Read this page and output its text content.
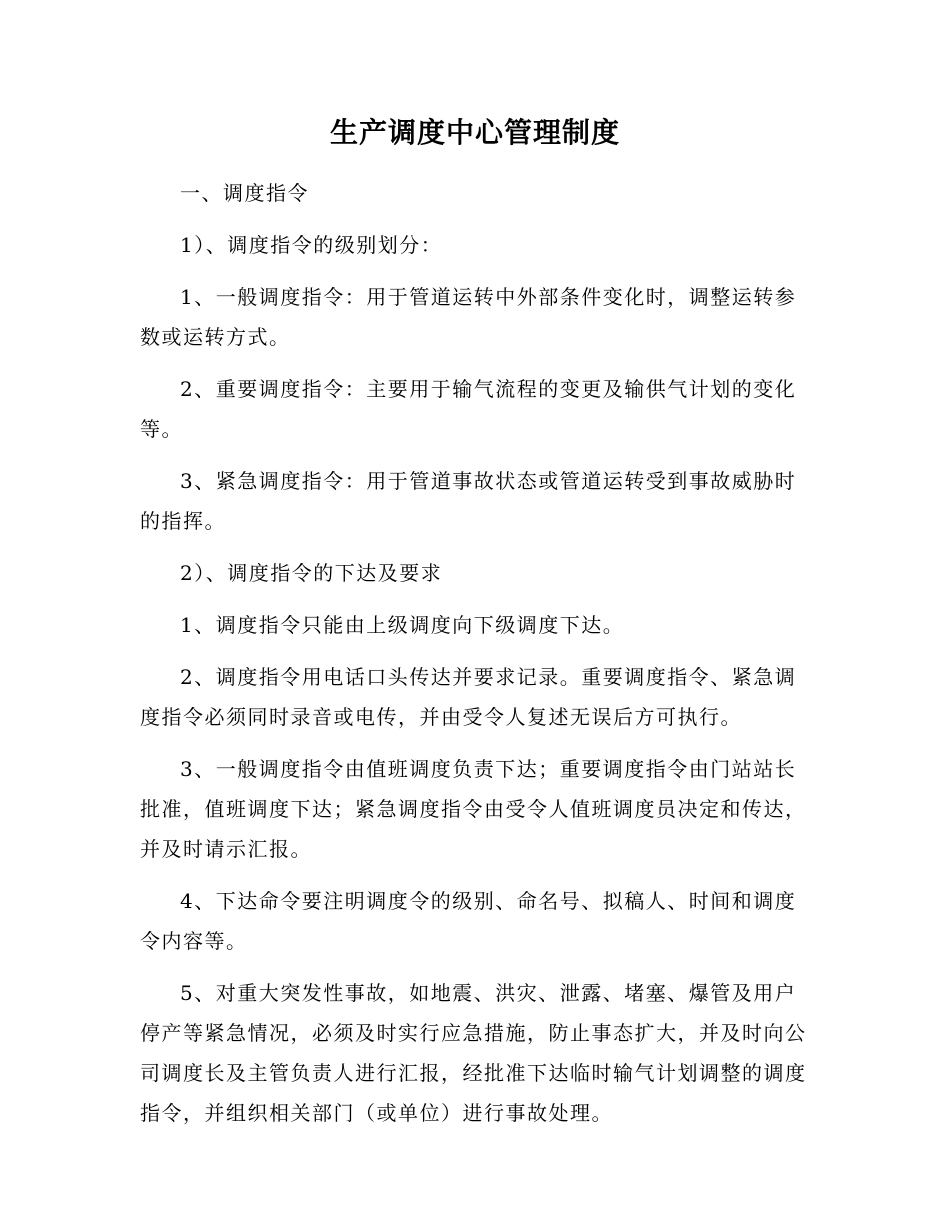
生产调度中心管理制度

一、调度指令

1）、调度指令的级别划分：

1、一般调度指令：用于管道运转中外部条件变化时，调整运转参数或运转方式。

2、重要调度指令：主要用于输气流程的变更及输供气计划的变化等。

3、紧急调度指令：用于管道事故状态或管道运转受到事故威胁时的指挥。

2）、调度指令的下达及要求

1、调度指令只能由上级调度向下级调度下达。

2、调度指令用电话口头传达并要求记录。重要调度指令、紧急调度指令必须同时录音或电传，并由受令人复述无误后方可执行。

3、一般调度指令由值班调度负责下达；重要调度指令由门站站长批准，值班调度下达；紧急调度指令由受令人值班调度员决定和传达，并及时请示汇报。

4、下达命令要注明调度令的级别、命名号、拟稿人、时间和调度令内容等。

5、对重大突发性事故，如地震、洪灾、泄露、堵塞、爆管及用户停产等紧急情况，必须及时实行应急措施，防止事态扩大，并及时向公司调度长及主管负责人进行汇报，经批准下达临时输气计划调整的调度指令，并组织相关部门（或单位）进行事故处理。
